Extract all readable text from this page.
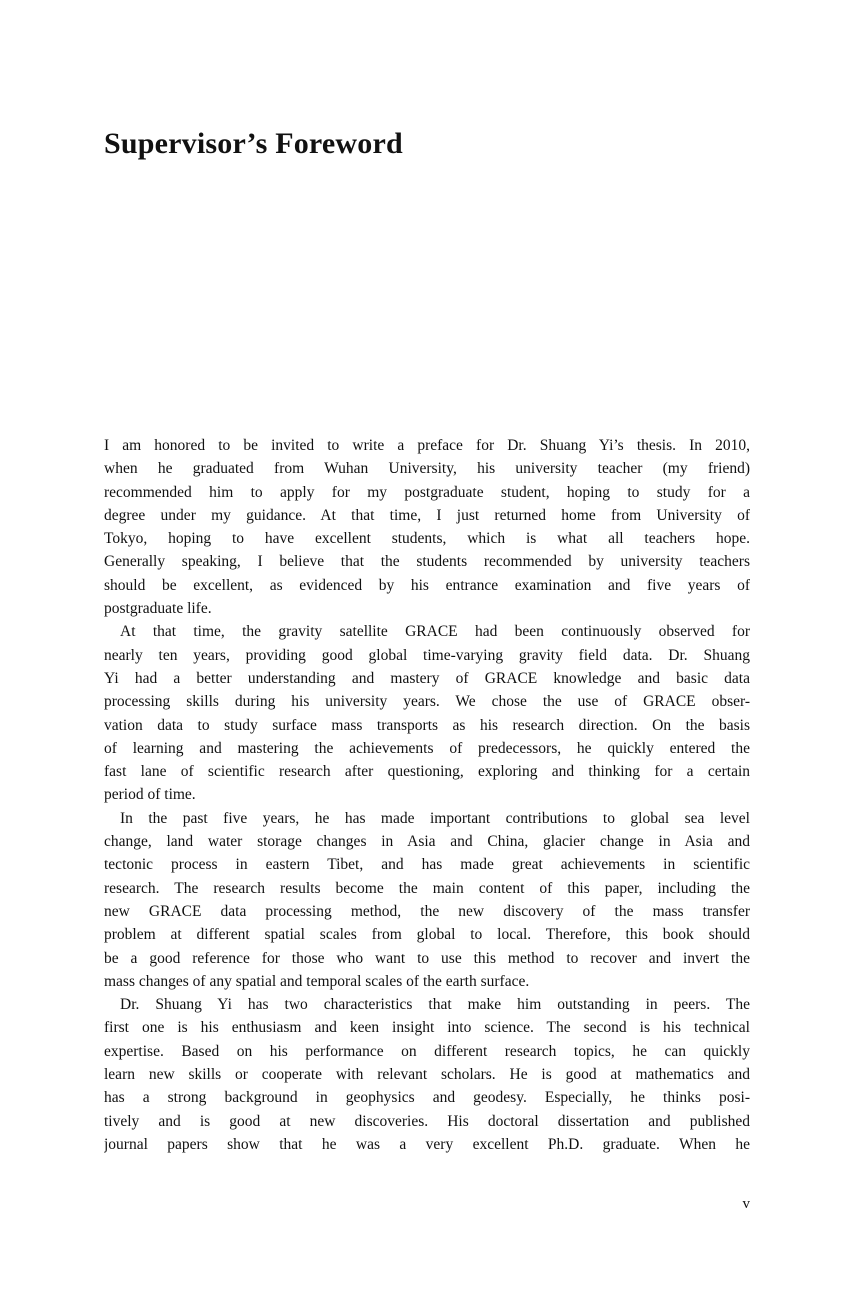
Supervisor’s Foreword
I am honored to be invited to write a preface for Dr. Shuang Yi’s thesis. In 2010,
when he graduated from Wuhan University, his university teacher (my friend)
recommended him to apply for my postgraduate student, hoping to study for a
degree under my guidance. At that time, I just returned home from University of
Tokyo, hoping to have excellent students, which is what all teachers hope.
Generally speaking, I believe that the students recommended by university teachers
should be excellent, as evidenced by his entrance examination and five years of
postgraduate life.
At that time, the gravity satellite GRACE had been continuously observed for
nearly ten years, providing good global time-varying gravity field data. Dr. Shuang
Yi had a better understanding and mastery of GRACE knowledge and basic data
processing skills during his university years. We chose the use of GRACE obser-
vation data to study surface mass transports as his research direction. On the basis
of learning and mastering the achievements of predecessors, he quickly entered the
fast lane of scientific research after questioning, exploring and thinking for a certain
period of time.
In the past five years, he has made important contributions to global sea level
change, land water storage changes in Asia and China, glacier change in Asia and
tectonic process in eastern Tibet, and has made great achievements in scientific
research. The research results become the main content of this paper, including the
new GRACE data processing method, the new discovery of the mass transfer
problem at different spatial scales from global to local. Therefore, this book should
be a good reference for those who want to use this method to recover and invert the
mass changes of any spatial and temporal scales of the earth surface.
Dr. Shuang Yi has two characteristics that make him outstanding in peers. The
first one is his enthusiasm and keen insight into science. The second is his technical
expertise. Based on his performance on different research topics, he can quickly
learn new skills or cooperate with relevant scholars. He is good at mathematics and
has a strong background in geophysics and geodesy. Especially, he thinks posi-
tively and is good at new discoveries. His doctoral dissertation and published
journal papers show that he was a very excellent Ph.D. graduate. When he
v
